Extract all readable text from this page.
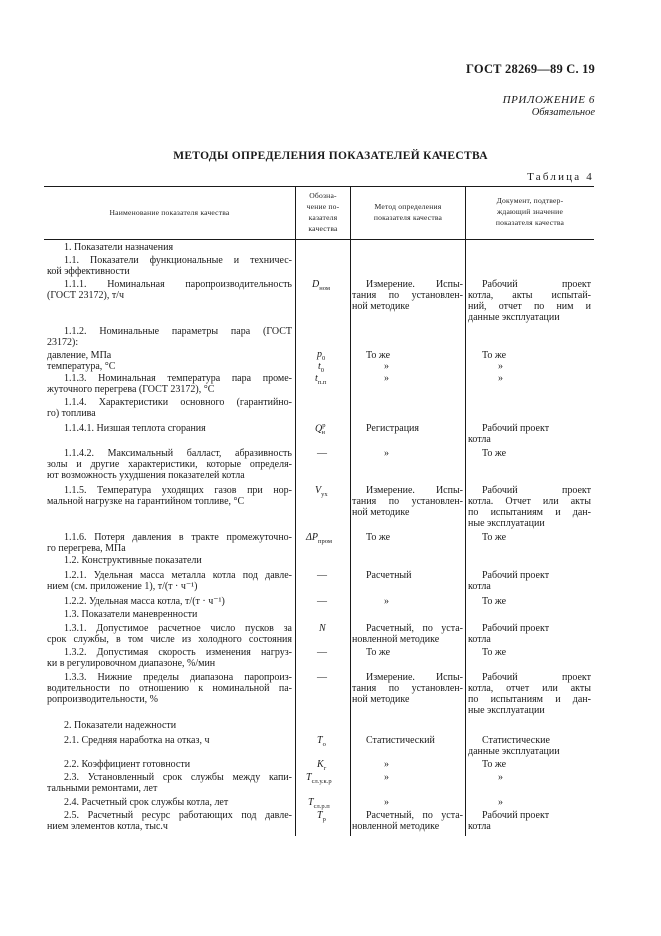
ГОСТ 28269—89 С. 19
ПРИЛОЖЕНИЕ 6
Обязательное
МЕТОДЫ ОПРЕДЕЛЕНИЯ ПОКАЗАТЕЛЕЙ КАЧЕСТВА
Таблица 4
Наименование показателя качества
Обозна-
чение по-
казателя
качества
Метод определения
показателя качества
Документ, подтвер-
ждающий значение
показателя качества
1. Показатели назначения
1.1. Показатели функциональные и техничес-
кой эффективности
1.1.1. Номинальная паропроизводительность
(ГОСТ 23172), т/ч
1.1.2. Номинальные параметры пара (ГОСТ
23172):
давление, МПа
температура, °С
1.1.3. Номинальная температура пара проме-
жуточного перегрева (ГОСТ 23172), °С
1.1.4. Характеристики основного (гарантийно-
го) топлива
1.1.4.1. Низшая теплота сгорания
1.1.4.2. Максимальный балласт, абразивность
золы и другие характеристики, которые определя-
ют возможность ухудшения показателей котла
1.1.5. Температура уходящих газов при нор-
мальной нагрузке на гарантийном топливе, °С
1.1.6. Потеря давления в тракте промежуточно-
го перегрева, МПа
1.2. Конструктивные показатели
1.2.1. Удельная масса металла котла под давле-
нием (см. приложение 1), т/(т · ч⁻¹)
1.2.2. Удельная масса котла, т/(т · ч⁻¹)
1.3. Показатели маневренности
1.3.1. Допустимое расчетное число пусков за
срок службы, в том числе из холодного состояния
1.3.2. Допустимая скорость изменения нагруз-
ки в регулировочном диапазоне, %/мин
1.3.3. Нижние пределы диапазона паропроиз-
водительности по отношению к номинальной па-
ропроизводительности, %
2. Показатели надежности
2.1. Средняя наработка на отказ, ч
2.2. Коэффициент готовности
2.3. Установленный срок службы между капи-
тальными ремонтами, лет
2.4. Расчетный срок службы котла, лет
2.5. Расчетный ресурс работающих под давле-
нием элементов котла, тыс.ч
$D_{ном}$
$p_0$
$t_0$
$t_{п.п}$
$Q^р_н$
—
$V_{ух}$
$\Delta P_{пром}$
—
—
N
—
—
$T_о$
$K_г$
$T_{сл.у.к.р}$
$T_{сл.р.п}$
$T_р$
Измерение. Испы-
тания по установлен-
ной методике
То же
»
»
Регистрация
»
Измерение. Испы-
тания по установлен-
ной методике
То же
Расчетный
»
Расчетный, по уста-
новленной методике
То же
Измерение. Испы-
тания по установлен-
ной методике
Статистический
»
»
»
Расчетный, по уста-
новленной методике
Рабочий проект
котла, акты испытай-
ний, отчет по ним и
данные эксплуатации
То же
»
»
Рабочий проект
котла
То же
Рабочий проект
котла. Отчет или акты
по испытаниям и дан-
ные эксплуатации
То же
Рабочий проект
котла
То же
Рабочий проект
котла
То же
Рабочий проект
котла, отчет или акты
по испытаниям и дан-
ные эксплуатации
Статистические
данные эксплуатации
То же
»
»
Рабочий проект
котла
